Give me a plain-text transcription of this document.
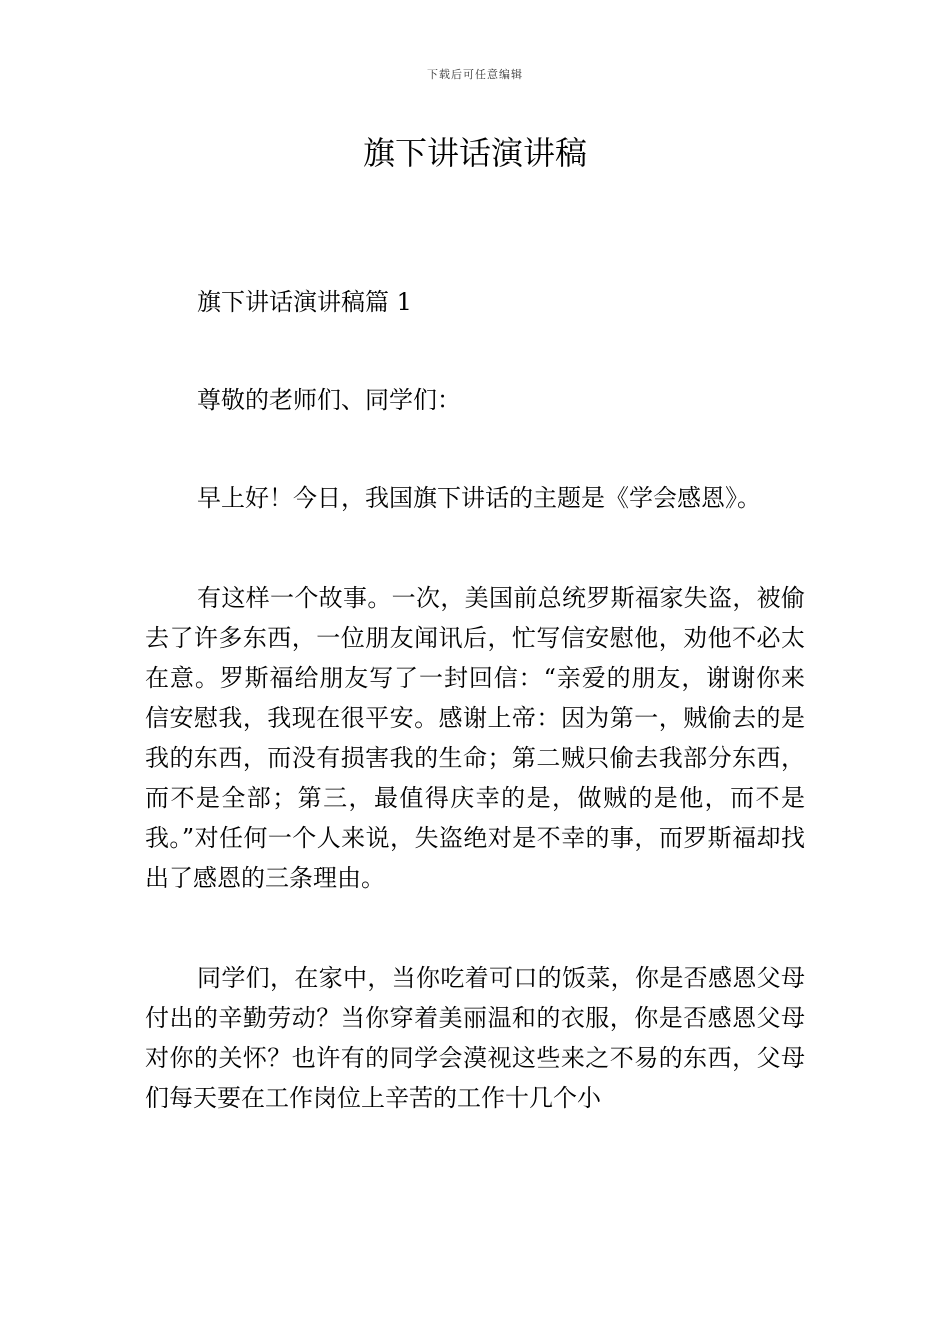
下载后可任意编辑
旗下讲话演讲稿

旗下讲话演讲稿篇 1

尊敬的老师们、同学们：

早上好！今日，我国旗下讲话的主题是《学会感恩》。

有这样一个故事。一次，美国前总统罗斯福家失盗，被偷去了许多东西，一位朋友闻讯后，忙写信安慰他，劝他不必太在意。罗斯福给朋友写了一封回信：“亲爱的朋友，谢谢你来信安慰我，我现在很平安。感谢上帝：因为第一，贼偷去的是我的东西，而没有损害我的生命；第二贼只偷去我部分东西，而不是全部；第三，最值得庆幸的是，做贼的是他，而不是我。”对任何一个人来说，失盗绝对是不幸的事，而罗斯福却找出了感恩的三条理由。

同学们，在家中，当你吃着可口的饭菜，你是否感恩父母付出的辛勤劳动？当你穿着美丽温和的衣服，你是否感恩父母对你的关怀？也许有的同学会漠视这些来之不易的东西，父母们每天要在工作岗位上辛苦的工作十几个小
